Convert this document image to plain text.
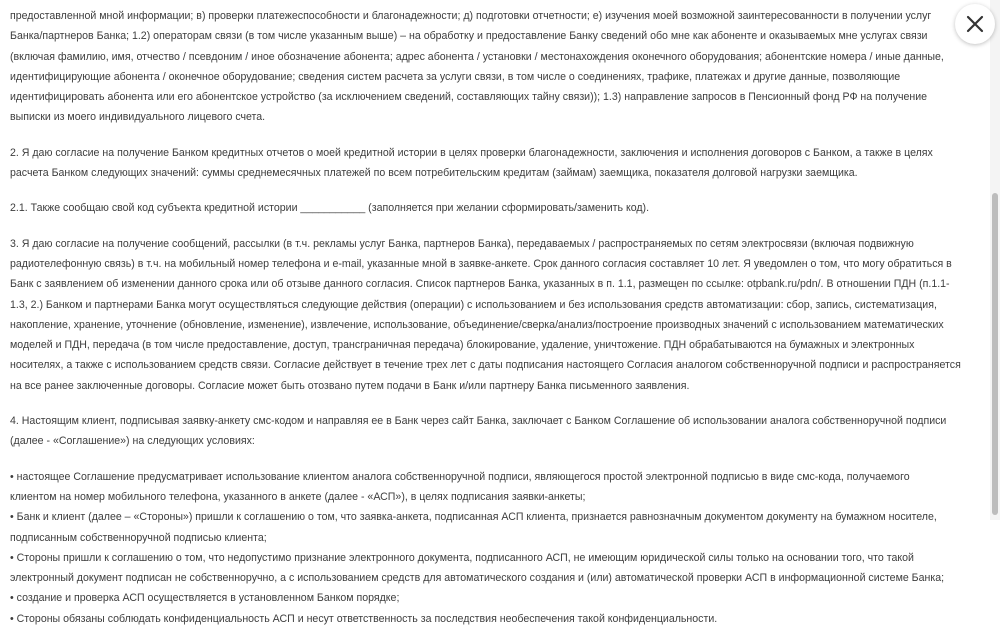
предоставленной мной информации; в) проверки платежеспособности и благонадежности; д) подготовки отчетности; е) изучения моей возможной заинтересованности в получении услуг

Банка/партнеров Банка; 1.2) операторам связи (в том числе указанным выше) – на обработку и предоставление Банку сведений обо мне как абоненте и оказываемых мне услугах связи

(включая фамилию, имя, отчество / псевдоним / иное обозначение абонента; адрес абонента / установки / местонахождения оконечного оборудования; абонентские номера / иные данные,

идентифицирующие абонента / оконечное оборудование; сведения систем расчета за услуги связи, в том числе о соединениях, трафике, платежах и другие данные, позволяющие

идентифицировать абонента или его абонентское устройство (за исключением сведений, составляющих тайну связи)); 1.3) направление запросов в Пенсионный фонд РФ на получение

выписки из моего индивидуального лицевого счета.

2. Я даю согласие на получение Банком кредитных отчетов о моей кредитной истории в целях проверки благонадежности, заключения и исполнения договоров с Банком, а также в целях

расчета Банком следующих значений: суммы среднемесячных платежей по всем потребительским кредитам (займам) заемщика, показателя долговой нагрузки заемщика.

2.1. Также сообщаю свой код субъекта кредитной истории ___________ (заполняется при желании сформировать/заменить код).

3. Я даю согласие на получение сообщений, рассылки (в т.ч. рекламы услуг Банка, партнеров Банка), передаваемых / распространяемых по сетям электросвязи (включая подвижную

радиотелефонную связь) в т.ч. на мобильный номер телефона и e-mail, указанные мной в заявке-анкете. Срок данного согласия составляет 10 лет. Я уведомлен о том, что могу обратиться в

Банк с заявлением об изменении данного срока или об отзыве данного согласия. Список партнеров Банка, указанных в п. 1.1, размещен по ссылке: otpbank.ru/pdn/. В отношении ПДН (п.1.1-

1.3, 2.) Банком и партнерами Банка могут осуществляться следующие действия (операции) с использованием и без использования средств автоматизации: сбор, запись, систематизация,

накопление, хранение, уточнение (обновление, изменение), извлечение, использование, объединение/сверка/анализ/построение производных значений с использованием математических

моделей и ПДН, передача (в том числе предоставление, доступ, трансграничная передача) блокирование, удаление, уничтожение. ПДН обрабатываются на бумажных и электронных

носителях, а также с использованием средств связи. Согласие действует в течение трех лет с даты подписания настоящего Согласия аналогом собственноручной подписи и распространяется

на все ранее заключенные договоры. Согласие может быть отозвано путем подачи в Банк и/или партнеру Банка письменного заявления.

4. Настоящим клиент, подписывая заявку-анкету смс-кодом и направляя ее в Банк через сайт Банка, заключает с Банком Соглашение об использовании аналога собственноручной подписи

(далее - «Соглашение») на следующих условиях:

• настоящее Соглашение предусматривает использование клиентом аналога собственноручной подписи, являющегося простой электронной подписью в виде смс-кода, получаемого

клиентом на номер мобильного телефона, указанного в анкете (далее - «АСП»), в целях подписания заявки-анкеты;

• Банк и клиент (далее – «Стороны») пришли к соглашению о том, что заявка-анкета, подписанная АСП клиента, признается равнозначным документом документу на бумажном носителе,

подписанным собственноручной подписью клиента;

• Стороны пришли к соглашению о том, что недопустимо признание электронного документа, подписанного АСП, не имеющим юридической силы только на основании того, что такой

электронный документ подписан не собственноручно, а с использованием средств для автоматического создания и (или) автоматической проверки АСП в информационной системе Банка;

• создание и проверка АСП осуществляется в установленном Банком порядке;

• Стороны обязаны соблюдать конфиденциальность АСП и несут ответственность за последствия необеспечения такой конфиденциальности.
